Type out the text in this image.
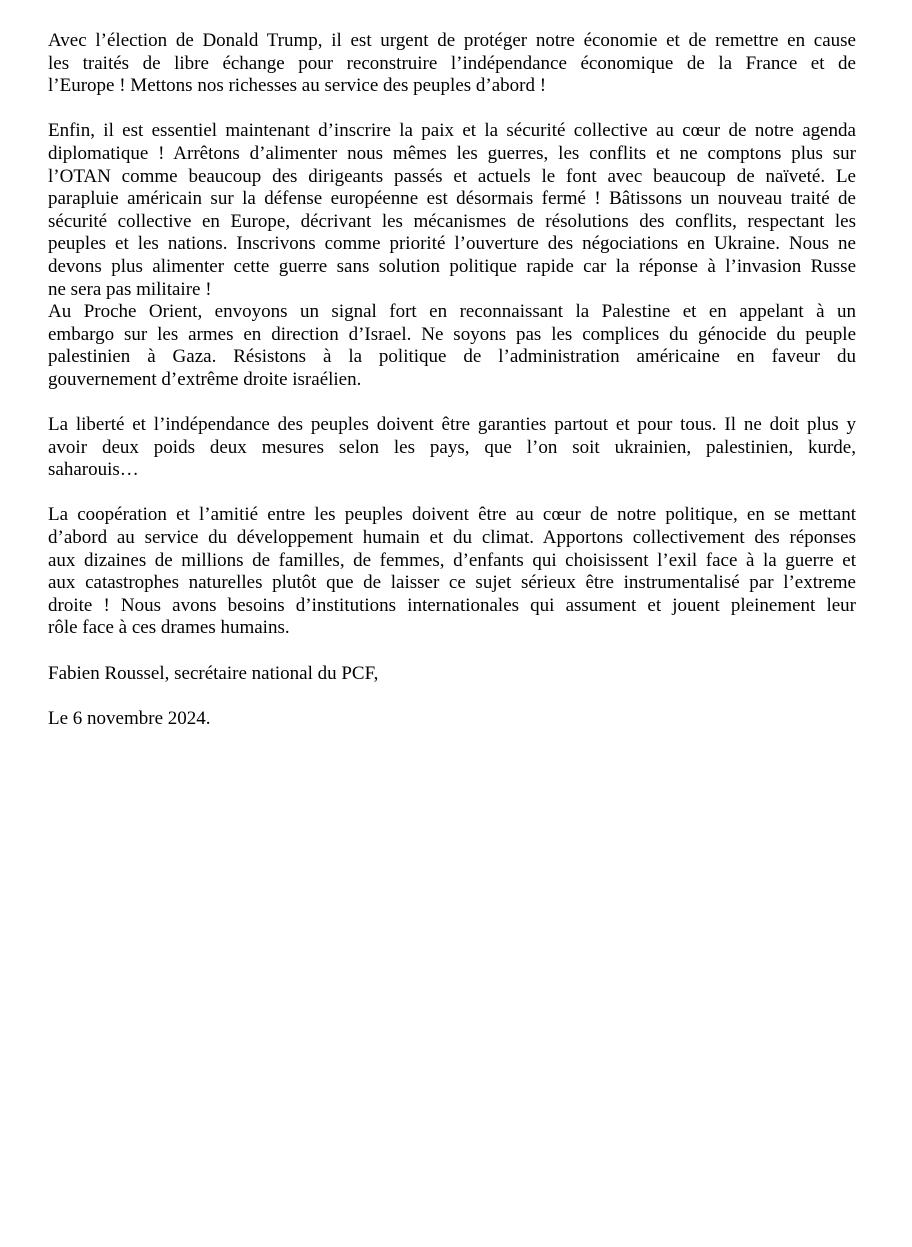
Avec l’élection de Donald Trump, il est urgent de protéger notre économie et de remettre en cause
les traités de libre échange pour reconstruire l’indépendance économique de la France et de
l’Europe ! Mettons nos richesses au service des peuples d’abord !
Enfin, il est essentiel maintenant d’inscrire la paix et la sécurité collective au cœur de notre agenda
diplomatique ! Arrêtons d’alimenter nous mêmes les guerres, les conflits et ne comptons plus sur
l’OTAN comme beaucoup des dirigeants passés et actuels le font avec beaucoup de naïveté. Le
parapluie américain sur la défense européenne est désormais fermé ! Bâtissons un nouveau traité de
sécurité collective en Europe, décrivant les mécanismes de résolutions des conflits, respectant les
peuples et les nations. Inscrivons comme priorité l’ouverture des négociations en Ukraine. Nous ne
devons plus alimenter cette guerre sans solution politique rapide car la réponse à l’invasion Russe
ne sera pas militaire !
Au Proche Orient, envoyons un signal fort en reconnaissant la Palestine et en appelant à un
embargo sur les armes en direction d’Israel. Ne soyons pas les complices du génocide du peuple
palestinien à Gaza. Résistons à la politique de l’administration américaine en faveur du
gouvernement d’extrême droite israélien.
La liberté et l’indépendance des peuples doivent être garanties partout et pour tous. Il ne doit plus y
avoir deux poids deux mesures selon les pays, que l’on soit ukrainien, palestinien, kurde,
saharouis…
La coopération et l’amitié entre les peuples doivent être au cœur de notre politique, en se mettant
d’abord au service du développement humain et du climat. Apportons collectivement des réponses
aux dizaines de millions de familles, de femmes, d’enfants qui choisissent l’exil face à la guerre et
aux catastrophes naturelles plutôt que de laisser ce sujet sérieux être instrumentalisé par l’extreme
droite ! Nous avons besoins d’institutions internationales qui assument et jouent pleinement leur
rôle face à ces drames humains.
Fabien Roussel, secrétaire national du PCF,
Le 6 novembre 2024.
